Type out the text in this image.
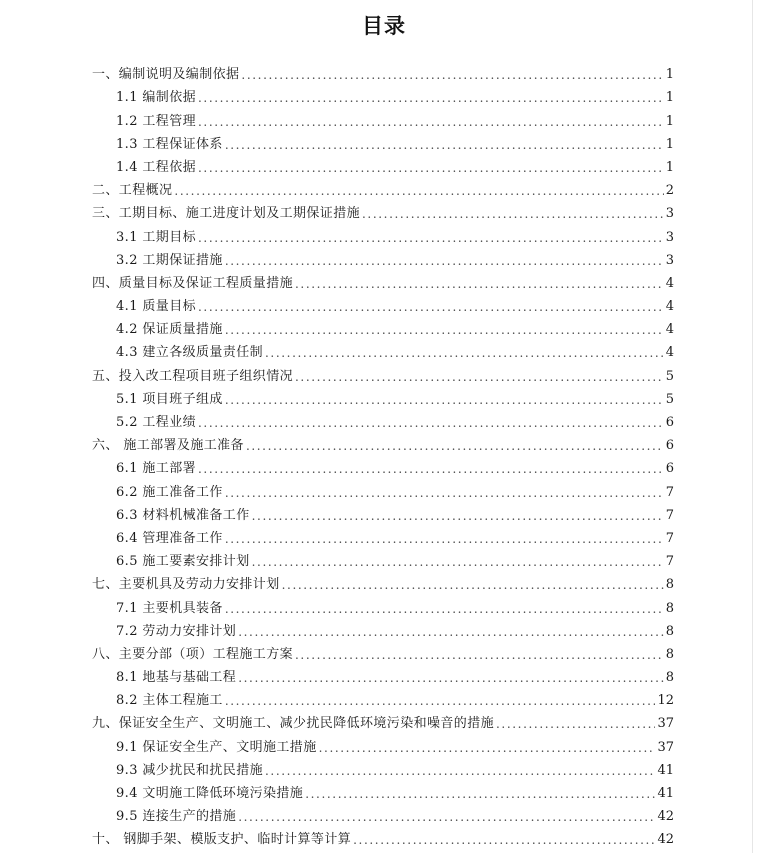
目录
一、编制说明及编制依据 .....	1
1.1 编制依据 .....	1
1.2 工程管理 .....	1
1.3 工程保证体系 .....	1
1.4 工程依据 .....	1
二、工程概况 .....	2
三、工期目标、施工进度计划及工期保证措施 .....	3
3.1 工期目标 .....	3
3.2 工期保证措施 .....	3
四、质量目标及保证工程质量措施 .....	4
4.1 质量目标 .....	4
4.2 保证质量措施 .....	4
4.3 建立各级质量责任制 .....	4
五、投入改工程项目班子组织情况 .....	5
5.1 项目班子组成 .....	5
5.2 工程业绩 .....	6
六、 施工部署及施工准备 .....	6
6.1 施工部署 .....	6
6.2 施工准备工作 .....	7
6.3 材料机械准备工作 .....	7
6.4 管理准备工作 .....	7
6.5 施工要素安排计划 .....	7
七、主要机具及劳动力安排计划 .....	8
7.1 主要机具装备 .....	8
7.2 劳动力安排计划 .....	8
八、主要分部（项）工程施工方案 .....	8
8.1 地基与基础工程 .....	8
8.2 主体工程施工 .....	12
九、保证安全生产、文明施工、减少扰民降低环境污染和噪音的措施 .....	37
9.1 保证安全生产、文明施工措施 .....	37
9.3 减少扰民和扰民措施 .....	41
9.4 文明施工降低环境污染措施 .....	41
9.5 连接生产的措施 .....	42
十、 钢脚手架、模版支护、临时计算等计算 .....	42
